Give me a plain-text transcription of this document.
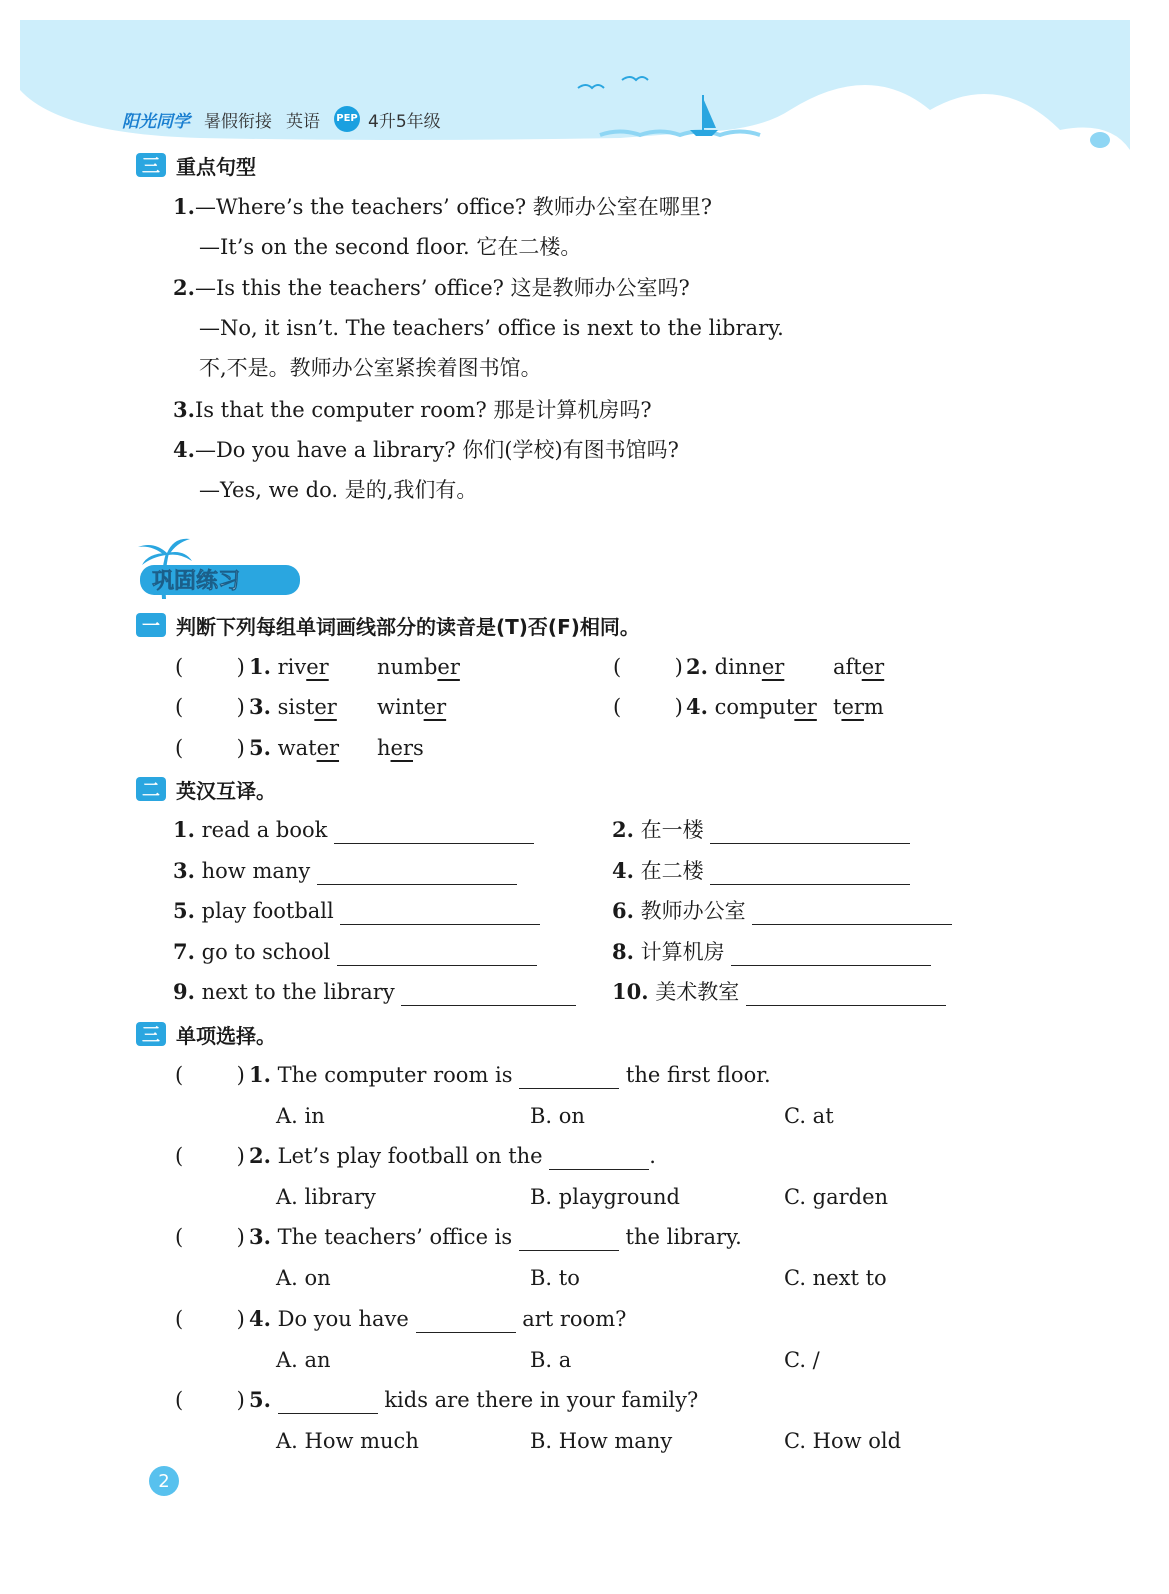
阳光同学 暑假衔接 英语 PEP 4升5年级
三 重点句型
1.—Where’s the teachers’ office? 教师办公室在哪里?
—It’s on the second floor. 它在二楼。
2.—Is this the teachers’ office? 这是教师办公室吗?
—No, it isn’t. The teachers’ office is next to the library.
不,不是。教师办公室紧挨着图书馆。
3.Is that the computer room? 那是计算机房吗?
4.—Do you have a library? 你们(学校)有图书馆吗?
—Yes, we do. 是的,我们有。
巩固练习
一 判断下列每组单词画线部分的读音是(T)否(F)相同。
(        ) 1. river number	(        ) 2. dinner after
(        ) 3. sister winter	(        ) 4. computer term
(        ) 5. water hers
二 英汉互译。
1. read a book	2. 在一楼
3. how many	4. 在二楼
5. play football	6. 教师办公室
7. go to school	8. 计算机房
9. next to the library	10. 美术教室
三 单项选择。
(        ) 1. The computer room is	the first floor.
A. in	B. on	C. at
(        ) 2. Let’s play football on the	.
A. library	B. playground	C. garden
(        ) 3. The teachers’ office is	the library.
A. on	B. to	C. next to
(        ) 4. Do you have	art room?
A. an	B. a	C. /
(        ) 5.	kids are there in your family?
A. How much	B. How many	C. How old
2
